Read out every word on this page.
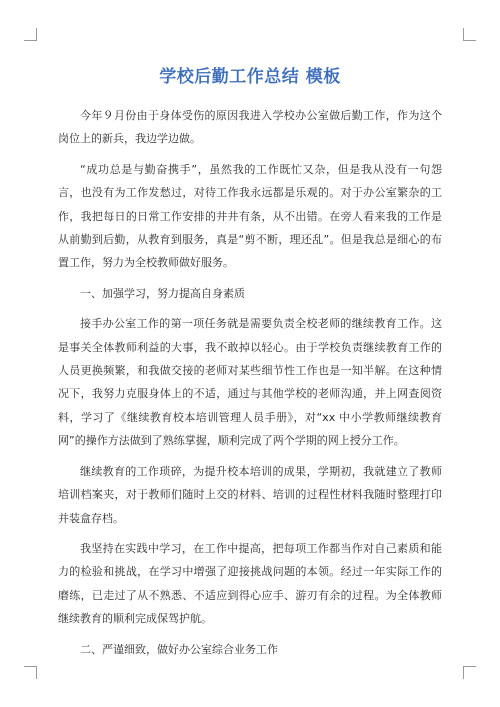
学校后勤工作总结 模板

今年９月份由于身体受伤的原因我进入学校办公室做后勤工作，作为这个岗位上的新兵，我边学边做。

“成功总是与勤奋携手”，虽然我的工作既忙又杂，但是我从没有一句怨言，也没有为工作发愁过，对待工作我永远都是乐观的。对于办公室繁杂的工作，我把每日的日常工作安排的井井有条，从不出错。在旁人看来我的工作是从前勤到后勤，从教育到服务，真是“剪不断，理还乱”。但是我总是细心的布置工作，努力为全校教师做好服务。

一、加强学习，努力提高自身素质

接手办公室工作的第一项任务就是需要负责全校老师的继续教育工作。这是事关全体教师利益的大事，我不敢掉以轻心。由于学校负责继续教育工作的人员更换频繁，和我做交接的老师对某些细节性工作也是一知半解。在这种情况下，我努力克服身体上的不适，通过与其他学校的老师沟通，并上网查阅资料，学习了《继续教育校本培训管理人员手册》，对“xx 中小学教师继续教育网”的操作方法做到了熟练掌握，顺利完成了两个学期的网上授分工作。

继续教育的工作琐碎，为提升校本培训的成果，学期初，我就建立了教师培训档案夹，对于教师们随时上交的材料、培训的过程性材料我随时整理打印并装盒存档。

我坚持在实践中学习，在工作中提高，把每项工作都当作对自己素质和能力的检验和挑战，在学习中增强了迎接挑战问题的本领。经过一年实际工作的磨练，已走过了从不熟悉、不适应到得心应手、游刃有余的过程。为全体教师继续教育的顺利完成保驾护航。

二、严谨细致，做好办公室综合业务工作
